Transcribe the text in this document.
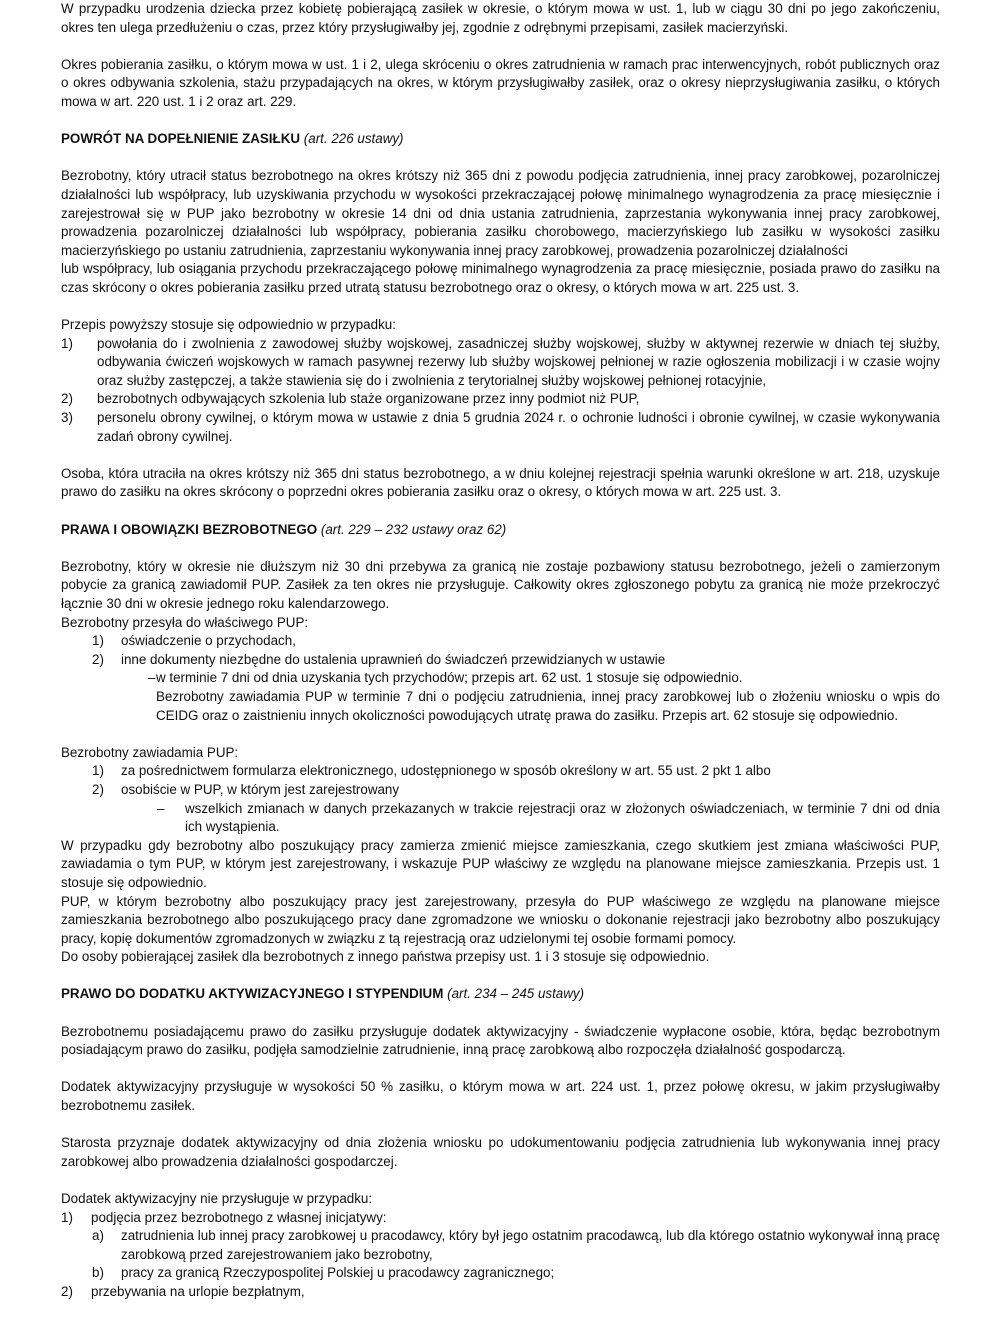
W przypadku urodzenia dziecka przez kobietę pobierającą zasiłek w okresie, o którym mowa w ust. 1, lub w ciągu 30 dni po jego zakończeniu, okres ten ulega przedłużeniu o czas, przez który przysługiwałby jej, zgodnie z odrębnymi przepisami, zasiłek macierzyński.

Okres pobierania zasiłku, o którym mowa w ust. 1 i 2, ulega skróceniu o okres zatrudnienia w ramach prac interwencyjnych, robót publicznych oraz o okres odbywania szkolenia, stażu przypadających na okres, w którym przysługiwałby zasiłek, oraz o okresy nieprzysługiwania zasiłku, o których mowa w art. 220 ust. 1 i 2 oraz art. 229.

POWRÓT NA DOPEŁNIENIE ZASIŁKU (art. 226 ustawy)

Bezrobotny, który utracił status bezrobotnego na okres krótszy niż 365 dni z powodu podjęcia zatrudnienia, innej pracy zarobkowej, pozarolniczej działalności lub współpracy, lub uzyskiwania przychodu w wysokości przekraczającej połowę minimalnego wynagrodzenia za pracę miesięcznie i zarejestrował się w PUP jako bezrobotny w okresie 14 dni od dnia ustania zatrudnienia, zaprzestania wykonywania innej pracy zarobkowej, prowadzenia pozarolniczej działalności lub współpracy, pobierania zasiłku chorobowego, macierzyńskiego lub zasiłku w wysokości zasiłku macierzyńskiego po ustaniu zatrudnienia, zaprzestaniu wykonywania innej pracy zarobkowej, prowadzenia pozarolniczej działalności

lub współpracy, lub osiągania przychodu przekraczającego połowę minimalnego wynagrodzenia za pracę miesięcznie, posiada prawo do zasiłku na czas skrócony o okres pobierania zasiłku przed utratą statusu bezrobotnego oraz o okresy, o których mowa w art. 225 ust. 3.

Przepis powyższy stosuje się odpowiednio w przypadku:

1) powołania do i zwolnienia z zawodowej służby wojskowej, zasadniczej służby wojskowej, służby w aktywnej rezerwie w dniach tej służby, odbywania ćwiczeń wojskowych w ramach pasywnej rezerwy lub służby wojskowej pełnionej w razie ogłoszenia mobilizacji i w czasie wojny oraz służby zastępczej, a także stawienia się do i zwolnienia z terytorialnej służby wojskowej pełnionej rotacyjnie,
2) bezrobotnych odbywających szkolenia lub staże organizowane przez inny podmiot niż PUP,
3) personelu obrony cywilnej, o którym mowa w ustawie z dnia 5 grudnia 2024 r. o ochronie ludności i obronie cywilnej, w czasie wykonywania zadań obrony cywilnej.

Osoba, która utraciła na okres krótszy niż 365 dni status bezrobotnego, a w dniu kolejnej rejestracji spełnia warunki określone w art. 218, uzyskuje prawo do zasiłku na okres skrócony o poprzedni okres pobierania zasiłku oraz o okresy, o których mowa w art. 225 ust. 3.

PRAWA I OBOWIĄZKI BEZROBOTNEGO (art. 229 – 232 ustawy oraz 62)

Bezrobotny, który w okresie nie dłuższym niż 30 dni przebywa za granicą nie zostaje pozbawiony statusu bezrobotnego, jeżeli o zamierzonym pobycie za granicą zawiadomił PUP. Zasiłek za ten okres nie przysługuje. Całkowity okres zgłoszonego pobytu za granicą nie może przekroczyć łącznie 30 dni w okresie jednego roku kalendarzowego.

Bezrobotny przesyła do właściwego PUP:

1) oświadczenie o przychodach,
2) inne dokumenty niezbędne do ustalenia uprawnień do świadczeń przewidzianych w ustawie
– w terminie 7 dni od dnia uzyskania tych przychodów; przepis art. 62 ust. 1 stosuje się odpowiednio.
Bezrobotny zawiadamia PUP w terminie 7 dni o podjęciu zatrudnienia, innej pracy zarobkowej lub o złożeniu wniosku o wpis do CEIDG oraz o zaistnieniu innych okoliczności powodujących utratę prawa do zasiłku. Przepis art. 62 stosuje się odpowiednio.

Bezrobotny zawiadamia PUP:

1) za pośrednictwem formularza elektronicznego, udostępnionego w sposób określony w art. 55 ust. 2 pkt 1 albo
2) osobiście w PUP, w którym jest zarejestrowany
– wszelkich zmianach w danych przekazanych w trakcie rejestracji oraz w złożonych oświadczeniach, w terminie 7 dni od dnia ich wystąpienia.

W przypadku gdy bezrobotny albo poszukujący pracy zamierza zmienić miejsce zamieszkania, czego skutkiem jest zmiana właściwości PUP, zawiadamia o tym PUP, w którym jest zarejestrowany, i wskazuje PUP właściwy ze względu na planowane miejsce zamieszkania. Przepis ust. 1 stosuje się odpowiednio.

PUP, w którym bezrobotny albo poszukujący pracy jest zarejestrowany, przesyła do PUP właściwego ze względu na planowane miejsce zamieszkania bezrobotnego albo poszukującego pracy dane zgromadzone we wniosku o dokonanie rejestracji jako bezrobotny albo poszukujący pracy, kopię dokumentów zgromadzonych w związku z tą rejestracją oraz udzielonymi tej osobie formami pomocy.

Do osoby pobierającej zasiłek dla bezrobotnych z innego państwa przepisy ust. 1 i 3 stosuje się odpowiednio.

PRAWO DO DODATKU AKTYWIZACYJNEGO I STYPENDIUM (art. 234 – 245 ustawy)

Bezrobotnemu posiadającemu prawo do zasiłku przysługuje dodatek aktywizacyjny - świadczenie wypłacone osobie, która, będąc bezrobotnym posiadającym prawo do zasiłku, podjęła samodzielnie zatrudnienie, inną pracę zarobkową albo rozpoczęła działalność gospodarczą.

Dodatek aktywizacyjny przysługuje w wysokości 50 % zasiłku, o którym mowa w art. 224 ust. 1, przez połowę okresu, w jakim przysługiwałby bezrobotnemu zasiłek.

Starosta przyznaje dodatek aktywizacyjny od dnia złożenia wniosku po udokumentowaniu podjęcia zatrudnienia lub wykonywania innej pracy zarobkowej albo prowadzenia działalności gospodarczej.

Dodatek aktywizacyjny nie przysługuje w przypadku:

1) podjęcia przez bezrobotnego z własnej inicjatywy:
a) zatrudnienia lub innej pracy zarobkowej u pracodawcy, który był jego ostatnim pracodawcą, lub dla którego ostatnio wykonywał inną pracę zarobkową przed zarejestrowaniem jako bezrobotny,
b) pracy za granicą Rzeczypospolitej Polskiej u pracodawcy zagranicznego;
2) przebywania na urlopie bezpłatnym,
